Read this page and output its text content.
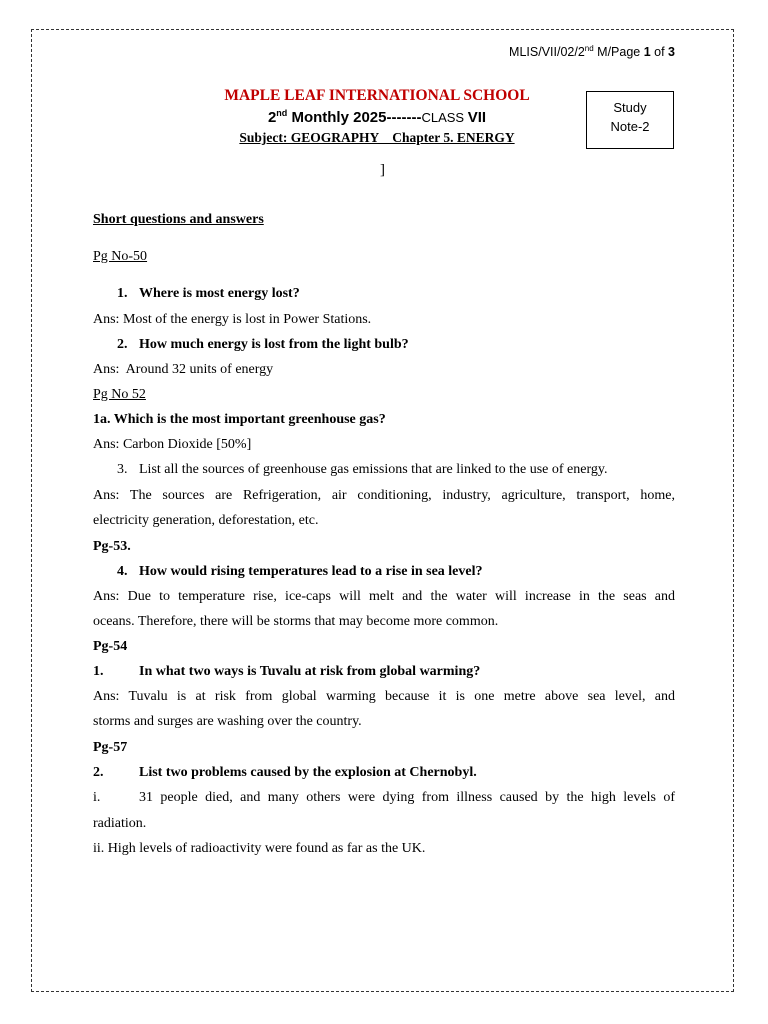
MLIS/VII/02/2nd M/Page 1 of 3
MAPLE LEAF INTERNATIONAL SCHOOL
2nd Monthly 2025-------CLASS VII
Subject: GEOGRAPHY    Chapter 5. ENERGY
Study
Note-2
]
Short questions and answers
Pg No-50
1. Where is most energy lost?
Ans: Most of the energy is lost in Power Stations.
2. How much energy is lost from the light bulb?
Ans:  Around 32 units of energy
Pg No 52
1a. Which is the most important greenhouse gas?
Ans: Carbon Dioxide [50%]
3. List all the sources of greenhouse gas emissions that are linked to the use of energy.
Ans: The sources are Refrigeration, air conditioning, industry, agriculture, transport, home,
electricity generation, deforestation, etc.
Pg-53.
4. How would rising temperatures lead to a rise in sea level?
Ans: Due to temperature rise, ice-caps will melt and the water will increase in the seas and
oceans. Therefore, there will be storms that may become more common.
Pg-54
1.	In what two ways is Tuvalu at risk from global warming?
Ans: Tuvalu is at risk from global warming because it is one metre above sea level, and
storms and surges are washing over the country.
Pg-57
2.	List two problems caused by the explosion at Chernobyl.
i.	31 people died, and many others were dying from illness caused by the high levels of
radiation.
ii. High levels of radioactivity were found as far as the UK.
